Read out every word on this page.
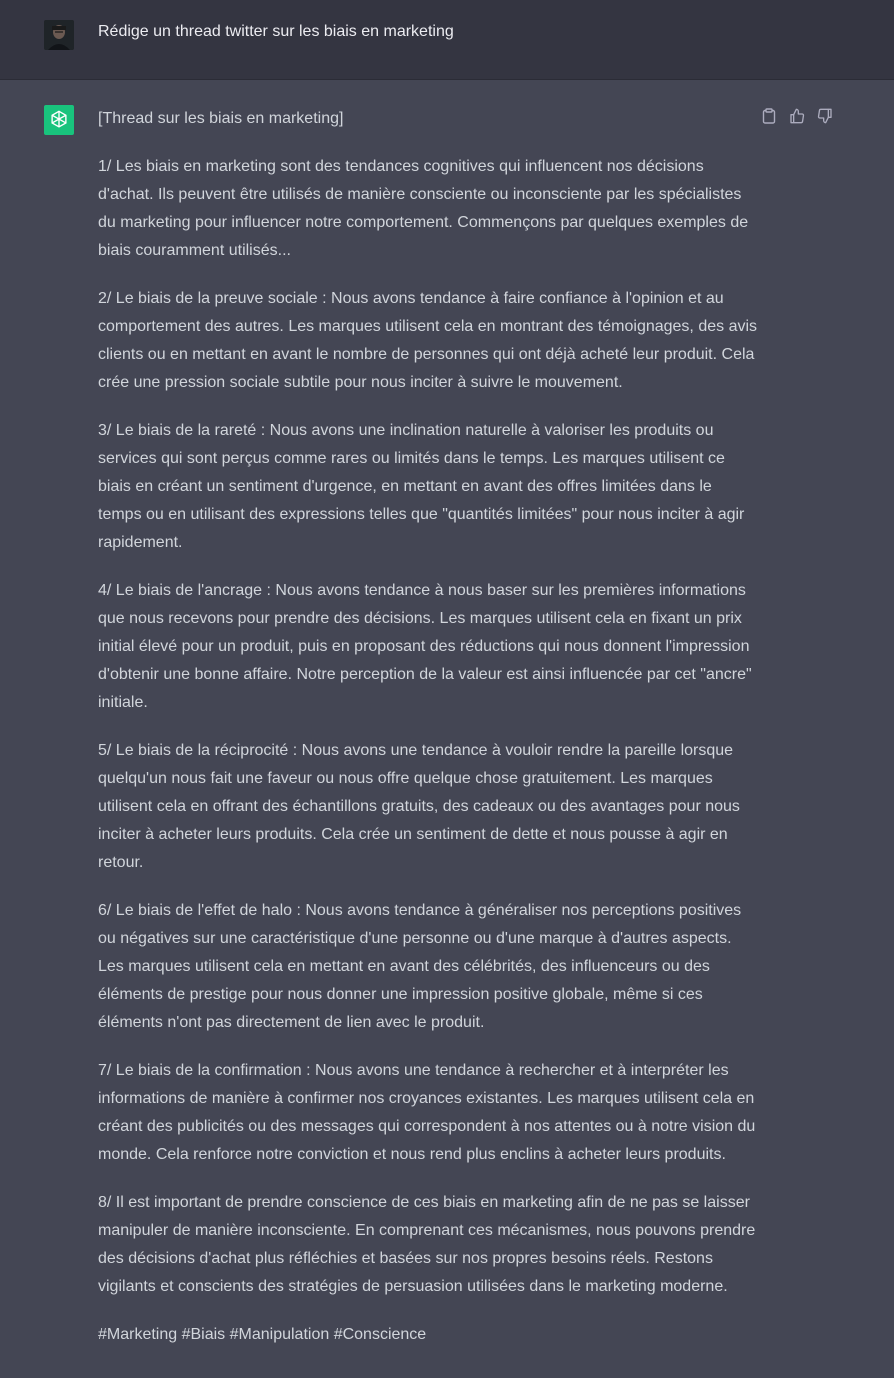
Rédige un thread twitter sur les biais en marketing

[Thread sur les biais en marketing]

1/ Les biais en marketing sont des tendances cognitives qui influencent nos décisions d'achat. Ils peuvent être utilisés de manière consciente ou inconsciente par les spécialistes du marketing pour influencer notre comportement. Commençons par quelques exemples de biais couramment utilisés...

2/ Le biais de la preuve sociale : Nous avons tendance à faire confiance à l'opinion et au comportement des autres. Les marques utilisent cela en montrant des témoignages, des avis clients ou en mettant en avant le nombre de personnes qui ont déjà acheté leur produit. Cela crée une pression sociale subtile pour nous inciter à suivre le mouvement.

3/ Le biais de la rareté : Nous avons une inclination naturelle à valoriser les produits ou services qui sont perçus comme rares ou limités dans le temps. Les marques utilisent ce biais en créant un sentiment d'urgence, en mettant en avant des offres limitées dans le temps ou en utilisant des expressions telles que "quantités limitées" pour nous inciter à agir rapidement.

4/ Le biais de l'ancrage : Nous avons tendance à nous baser sur les premières informations que nous recevons pour prendre des décisions. Les marques utilisent cela en fixant un prix initial élevé pour un produit, puis en proposant des réductions qui nous donnent l'impression d'obtenir une bonne affaire. Notre perception de la valeur est ainsi influencée par cet "ancre" initiale.

5/ Le biais de la réciprocité : Nous avons une tendance à vouloir rendre la pareille lorsque quelqu'un nous fait une faveur ou nous offre quelque chose gratuitement. Les marques utilisent cela en offrant des échantillons gratuits, des cadeaux ou des avantages pour nous inciter à acheter leurs produits. Cela crée un sentiment de dette et nous pousse à agir en retour.

6/ Le biais de l'effet de halo : Nous avons tendance à généraliser nos perceptions positives ou négatives sur une caractéristique d'une personne ou d'une marque à d'autres aspects. Les marques utilisent cela en mettant en avant des célébrités, des influenceurs ou des éléments de prestige pour nous donner une impression positive globale, même si ces éléments n'ont pas directement de lien avec le produit.

7/ Le biais de la confirmation : Nous avons une tendance à rechercher et à interpréter les informations de manière à confirmer nos croyances existantes. Les marques utilisent cela en créant des publicités ou des messages qui correspondent à nos attentes ou à notre vision du monde. Cela renforce notre conviction et nous rend plus enclins à acheter leurs produits.

8/ Il est important de prendre conscience de ces biais en marketing afin de ne pas se laisser manipuler de manière inconsciente. En comprenant ces mécanismes, nous pouvons prendre des décisions d'achat plus réfléchies et basées sur nos propres besoins réels. Restons vigilants et conscients des stratégies de persuasion utilisées dans le marketing moderne.

#Marketing #Biais #Manipulation #Conscience
